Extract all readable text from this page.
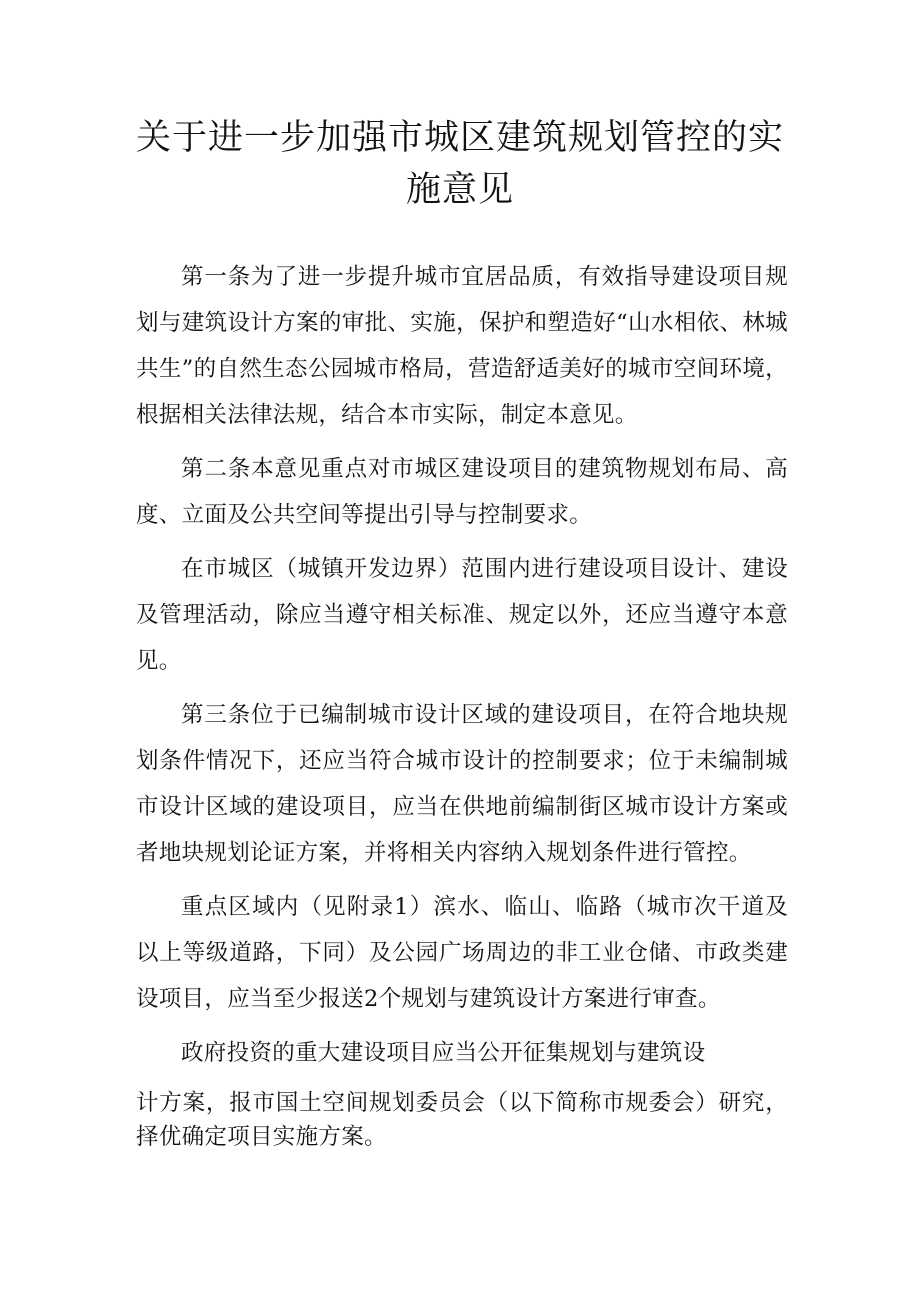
关于进一步加强市城区建筑规划管控的实施意见

第一条为了进一步提升城市宜居品质，有效指导建设项目规划与建筑设计方案的审批、实施，保护和塑造好“山水相依、林城共生”的自然生态公园城市格局，营造舒适美好的城市空间环境，根据相关法律法规，结合本市实际，制定本意见。

第二条本意见重点对市城区建设项目的建筑物规划布局、高度、立面及公共空间等提出引导与控制要求。

在市城区（城镇开发边界）范围内进行建设项目设计、建设及管理活动，除应当遵守相关标准、规定以外，还应当遵守本意见。

第三条位于已编制城市设计区域的建设项目，在符合地块规划条件情况下，还应当符合城市设计的控制要求；位于未编制城市设计区域的建设项目，应当在供地前编制街区城市设计方案或者地块规划论证方案，并将相关内容纳入规划条件进行管控。

重点区域内（见附录1）滨水、临山、临路（城市次干道及以上等级道路，下同）及公园广场周边的非工业仓储、市政类建设项目，应当至少报送2个规划与建筑设计方案进行审查。

政府投资的重大建设项目应当公开征集规划与建筑设

计方案，报市国土空间规划委员会（以下简称市规委会）研究，择优确定项目实施方案。
